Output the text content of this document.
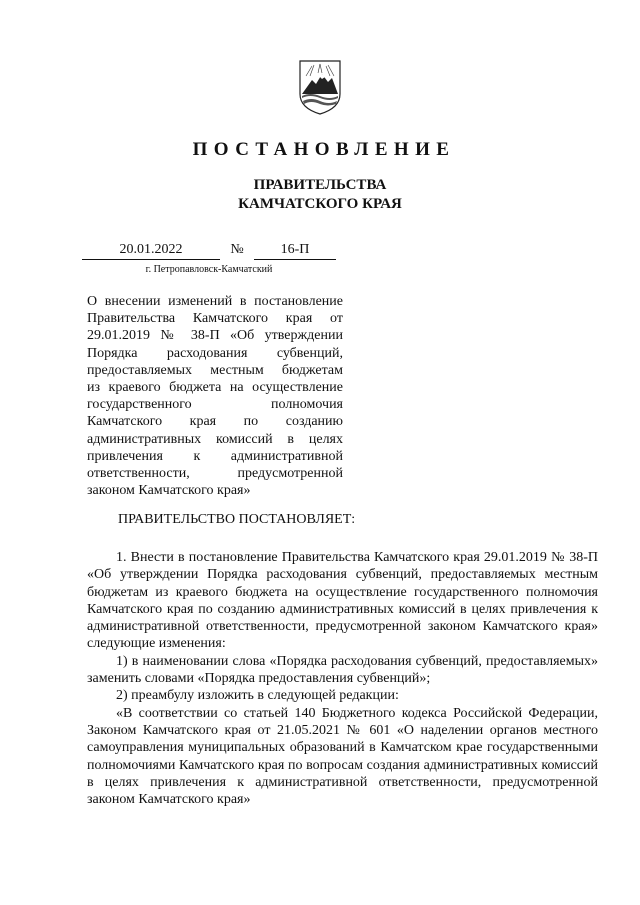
ПОСТАНОВЛЕНИЕ
ПРАВИТЕЛЬСТВА
КАМЧАТСКОГО КРАЯ
20.01.2022	№	16-П
г. Петропавловск-Камчатский
О внесении изменений в постановление
Правительства Камчатского края от
29.01.2019 № 38-П «Об утверждении
Порядка расходования субвенций,
предоставляемых местным бюджетам
из краевого бюджета на осуществление
государственного полномочия
Камчатского края по созданию
административных комиссий в целях
привлечения к административной
ответственности, предусмотренной
законом Камчатского края»
ПРАВИТЕЛЬСТВО ПОСТАНОВЛЯЕТ:

1. Внести в постановление Правительства Камчатского края 29.01.2019 № 38-П «Об утверждении Порядка расходования субвенций, предоставляемых местным бюджетам из краевого бюджета на осуществление государственного полномочия Камчатского края по созданию административных комиссий в целях привлечения к административной ответственности, предусмотренной законом Камчатского края» следующие изменения:

1) в наименовании слова «Порядка расходования субвенций, предоставляемых» заменить словами «Порядка предоставления субвенций»;

2) преамбулу изложить в следующей редакции:

«В соответствии со статьей 140 Бюджетного кодекса Российской Федерации, Законом Камчатского края от 21.05.2021 № 601 «О наделении органов местного самоуправления муниципальных образований в Камчатском крае государственными полномочиями Камчатского края по вопросам создания административных комиссий в целях привлечения к административной ответственности, предусмотренной законом Камчатского края»
